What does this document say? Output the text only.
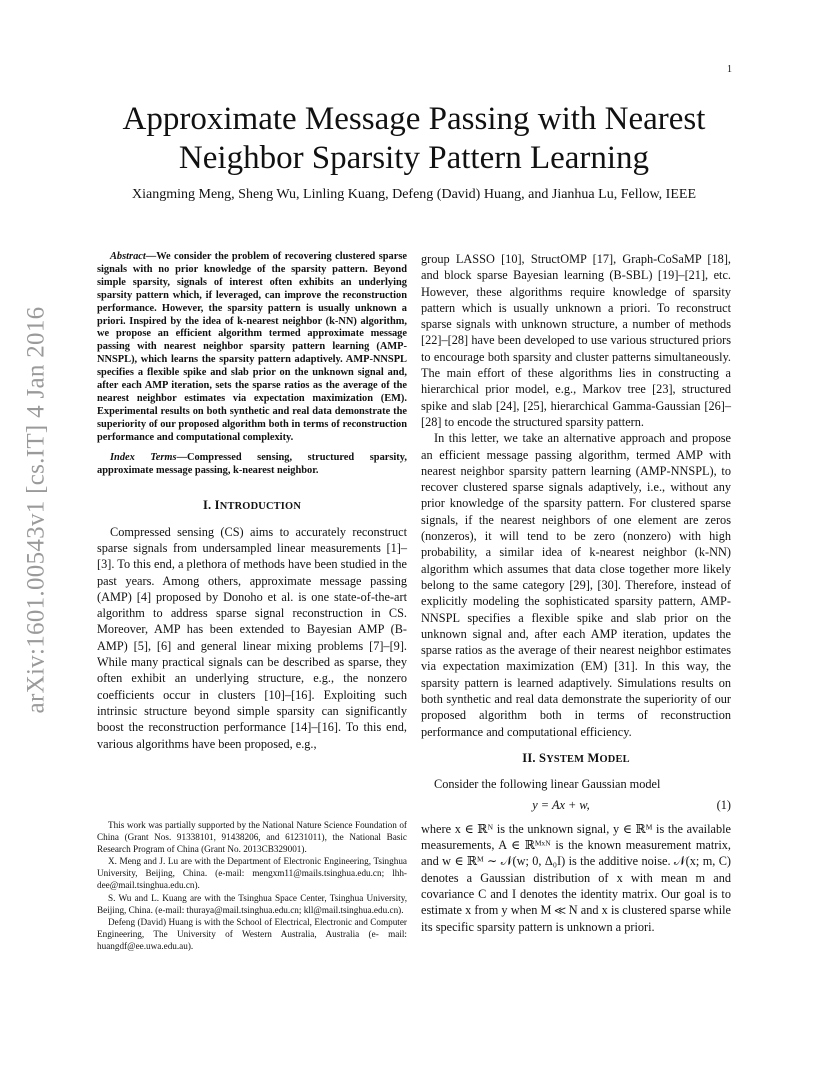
1
arXiv:1601.00543v1 [cs.IT] 4 Jan 2016
Approximate Message Passing with Nearest Neighbor Sparsity Pattern Learning
Xiangming Meng, Sheng Wu, Linling Kuang, Defeng (David) Huang, and Jianhua Lu, Fellow, IEEE

Abstract—We consider the problem of recovering clustered sparse signals with no prior knowledge of the sparsity pattern. Beyond simple sparsity, signals of interest often exhibits an underlying sparsity pattern which, if leveraged, can improve the reconstruction performance. However, the sparsity pattern is usually unknown a priori. Inspired by the idea of k-nearest neighbor (k-NN) algorithm, we propose an efficient algorithm termed approximate message passing with nearest neighbor sparsity pattern learning (AMP-NNSPL), which learns the sparsity pattern adaptively. AMP-NNSPL specifies a flexible spike and slab prior on the unknown signal and, after each AMP iteration, sets the sparse ratios as the average of the nearest neighbor estimates via expectation maximization (EM). Experimental results on both synthetic and real data demonstrate the superiority of our proposed algorithm both in terms of reconstruction performance and computational complexity.

Index Terms—Compressed sensing, structured sparsity, approximate message passing, k-nearest neighbor.

I. INTRODUCTION

Compressed sensing (CS) aims to accurately reconstruct sparse signals from undersampled linear measurements [1]–[3]. To this end, a plethora of methods have been studied in the past years. Among others, approximate message passing (AMP) [4] proposed by Donoho et al. is one state-of-the-art algorithm to address sparse signal reconstruction in CS. Moreover, AMP has been extended to Bayesian AMP (B-AMP) [5], [6] and general linear mixing problems [7]–[9]. While many practical signals can be described as sparse, they often exhibit an underlying structure, e.g., the nonzero coefficients occur in clusters [10]–[16]. Exploiting such intrinsic structure beyond simple sparsity can significantly boost the reconstruction performance [14]–[16]. To this end, various algorithms have been proposed, e.g.,

This work was partially supported by the National Nature Science Foundation of China (Grant Nos. 91338101, 91438206, and 61231011), the National Basic Research Program of China (Grant No. 2013CB329001).

X. Meng and J. Lu are with the Department of Electronic Engineering, Tsinghua University, Beijing, China. (e-mail: mengxm11@mails.tsinghua.edu.cn; lhh-dee@mail.tsinghua.edu.cn).

S. Wu and L. Kuang are with the Tsinghua Space Center, Tsinghua University, Beijing, China. (e-mail: thuraya@mail.tsinghua.edu.cn; kll@mail.tsinghua.edu.cn).

Defeng (David) Huang is with the School of Electrical, Electronic and Computer Engineering, The University of Western Australia, Australia (e- mail: huangdf@ee.uwa.edu.au).

group LASSO [10], StructOMP [17], Graph-CoSaMP [18], and block sparse Bayesian learning (B-SBL) [19]–[21], etc. However, these algorithms require knowledge of sparsity pattern which is usually unknown a priori. To reconstruct sparse signals with unknown structure, a number of methods [22]–[28] have been developed to use various structured priors to encourage both sparsity and cluster patterns simultaneously. The main effort of these algorithms lies in constructing a hierarchical prior model, e.g., Markov tree [23], structured spike and slab [24], [25], hierarchical Gamma-Gaussian [26]–[28] to encode the structured sparsity pattern.

In this letter, we take an alternative approach and propose an efficient message passing algorithm, termed AMP with nearest neighbor sparsity pattern learning (AMP-NNSPL), to recover clustered sparse signals adaptively, i.e., without any prior knowledge of the sparsity pattern. For clustered sparse signals, if the nearest neighbors of one element are zeros (nonzeros), it will tend to be zero (nonzero) with high probability, a similar idea of k-nearest neighbor (k-NN) algorithm which assumes that data close together more likely belong to the same category [29], [30]. Therefore, instead of explicitly modeling the sophisticated sparsity pattern, AMP-NNSPL specifies a flexible spike and slab prior on the unknown signal and, after each AMP iteration, updates the sparse ratios as the average of their nearest neighbor estimates via expectation maximization (EM) [31]. In this way, the sparsity pattern is learned adaptively. Simulations results on both synthetic and real data demonstrate the superiority of our proposed algorithm both in terms of reconstruction performance and computational efficiency.

II. SYSTEM MODEL

Consider the following linear Gaussian model

y = Ax + w,	(1)

where x ∈ ℝᴺ is the unknown signal, y ∈ ℝᴹ is the available measurements, A ∈ ℝᴹˣᴺ is the known measurement matrix, and w ∈ ℝᴹ ∼ 𝒩(w; 0, Δ₀I) is the additive noise. 𝒩(x; m, C) denotes a Gaussian distribution of x with mean m and covariance C and I denotes the identity matrix. Our goal is to estimate x from y when M ≪ N and x is clustered sparse while its specific sparsity pattern is unknown a priori.
